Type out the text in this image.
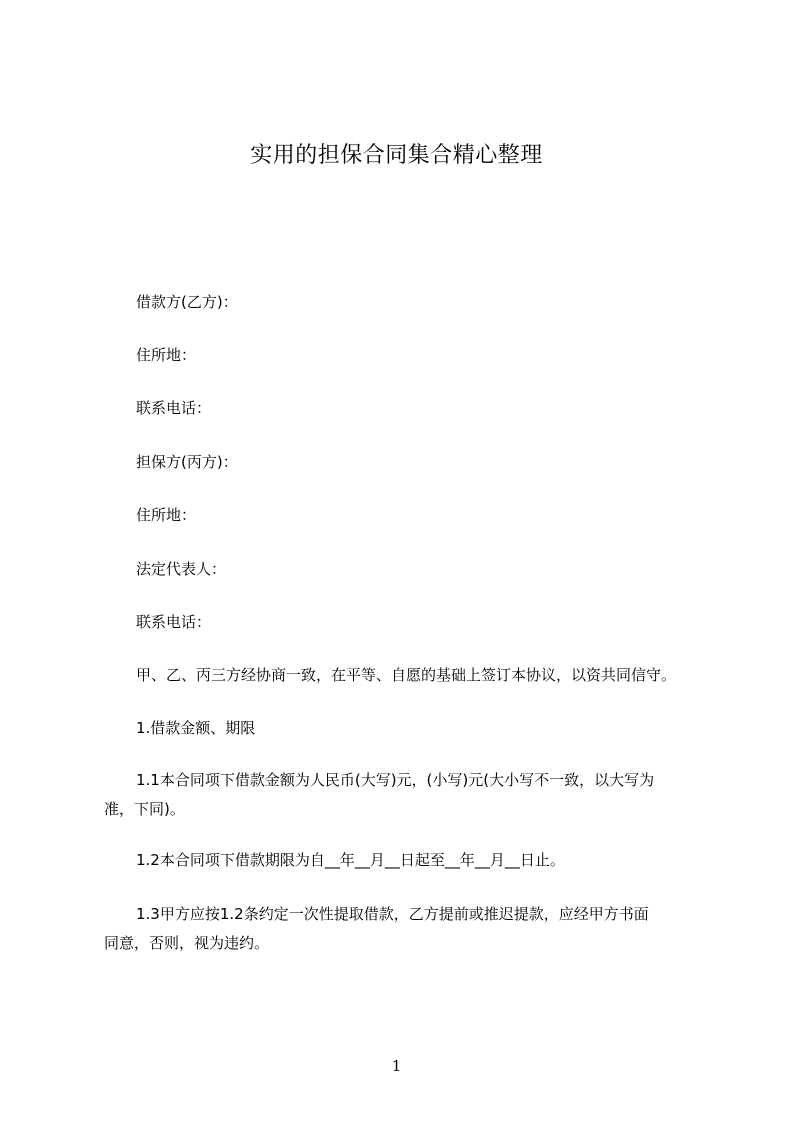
实用的担保合同集合精心整理
借款方(乙方)：
住所地：
联系电话：
担保方(丙方)：
住所地：
法定代表人：
联系电话：
甲、乙、丙三方经协商一致，在平等、自愿的基础上签订本协议，以资共同信守。
1.借款金额、期限
1.1本合同项下借款金额为人民币(大写)元，(小写)元(大小写不一致，以大写为
准，下同)。
1.2本合同项下借款期限为自__年__月__日起至__年__月__日止。
1.3甲方应按1.2条约定一次性提取借款，乙方提前或推迟提款，应经甲方书面
同意，否则，视为违约。
1
